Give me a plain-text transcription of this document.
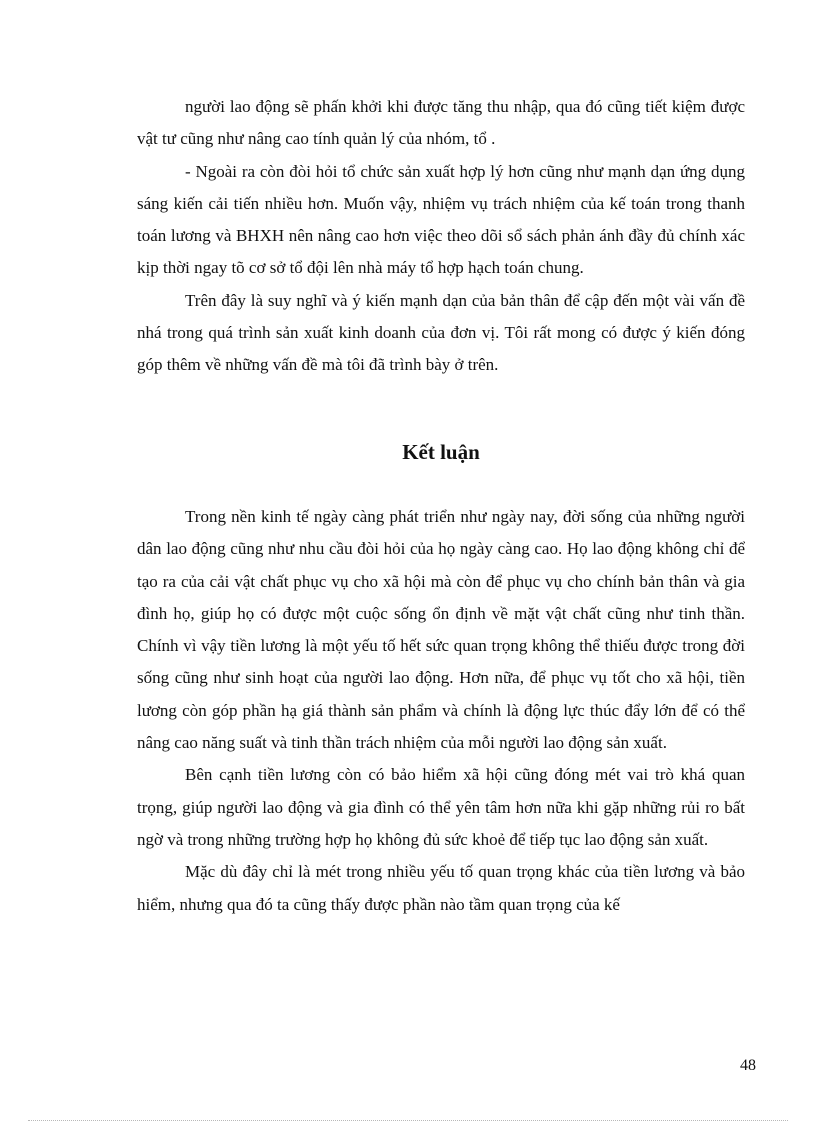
người lao động sẽ phấn khởi khi được tăng thu nhập, qua đó cũng tiết kiệm được vật tư cũng như nâng cao tính quản lý của nhóm, tổ .

- Ngoài ra còn đòi hỏi tổ chức sản xuất hợp lý hơn cũng như mạnh dạn ứng dụng sáng kiến cải tiến nhiều hơn. Muốn vậy, nhiệm vụ trách nhiệm của kế toán trong thanh toán lương và BHXH nên nâng cao hơn việc theo dõi sổ sách phản ánh đầy đủ chính xác kịp thời ngay tõ cơ sở tổ đội lên nhà máy tổ hợp hạch toán chung.

Trên đây là suy nghĩ và ý kiến mạnh dạn của bản thân để cập đến một vài vấn đề nhá trong quá trình sản xuất kinh doanh của đơn vị. Tôi rất mong có được ý kiến đóng góp thêm về những vấn đề mà tôi đã trình bày ở trên.

Kết luận

Trong nền kinh tế ngày càng phát triển như ngày nay, đời sống của những người dân lao động cũng như nhu cầu đòi hỏi của họ ngày càng cao. Họ lao động không chỉ để tạo ra của cải vật chất phục vụ cho xã hội mà còn để phục vụ cho chính bản thân và gia đình họ, giúp họ có được một cuộc sống ổn định về mặt vật chất cũng như tinh thần. Chính vì vậy tiền lương là một yếu tố hết sức quan trọng không thể thiếu được trong đời sống cũng như sinh hoạt của người lao động. Hơn nữa, để phục vụ tốt cho xã hội, tiền lương còn góp phần hạ giá thành sản phẩm và chính là động lực thúc đẩy lớn để có thể nâng cao năng suất và tinh thần trách nhiệm của mỗi người lao động sản xuất.

Bên cạnh tiền lương còn có bảo hiểm xã hội cũng đóng mét vai trò khá quan trọng, giúp người lao động và gia đình có thể yên tâm hơn nữa khi gặp những rủi ro bất ngờ và trong những trường hợp họ không đủ sức khoẻ để tiếp tục lao động sản xuất.

Mặc dù đây chỉ là mét trong nhiều yếu tố quan trọng khác của tiền lương và bảo hiểm, nhưng qua đó ta cũng thấy được phần nào tầm quan trọng của kế

48
